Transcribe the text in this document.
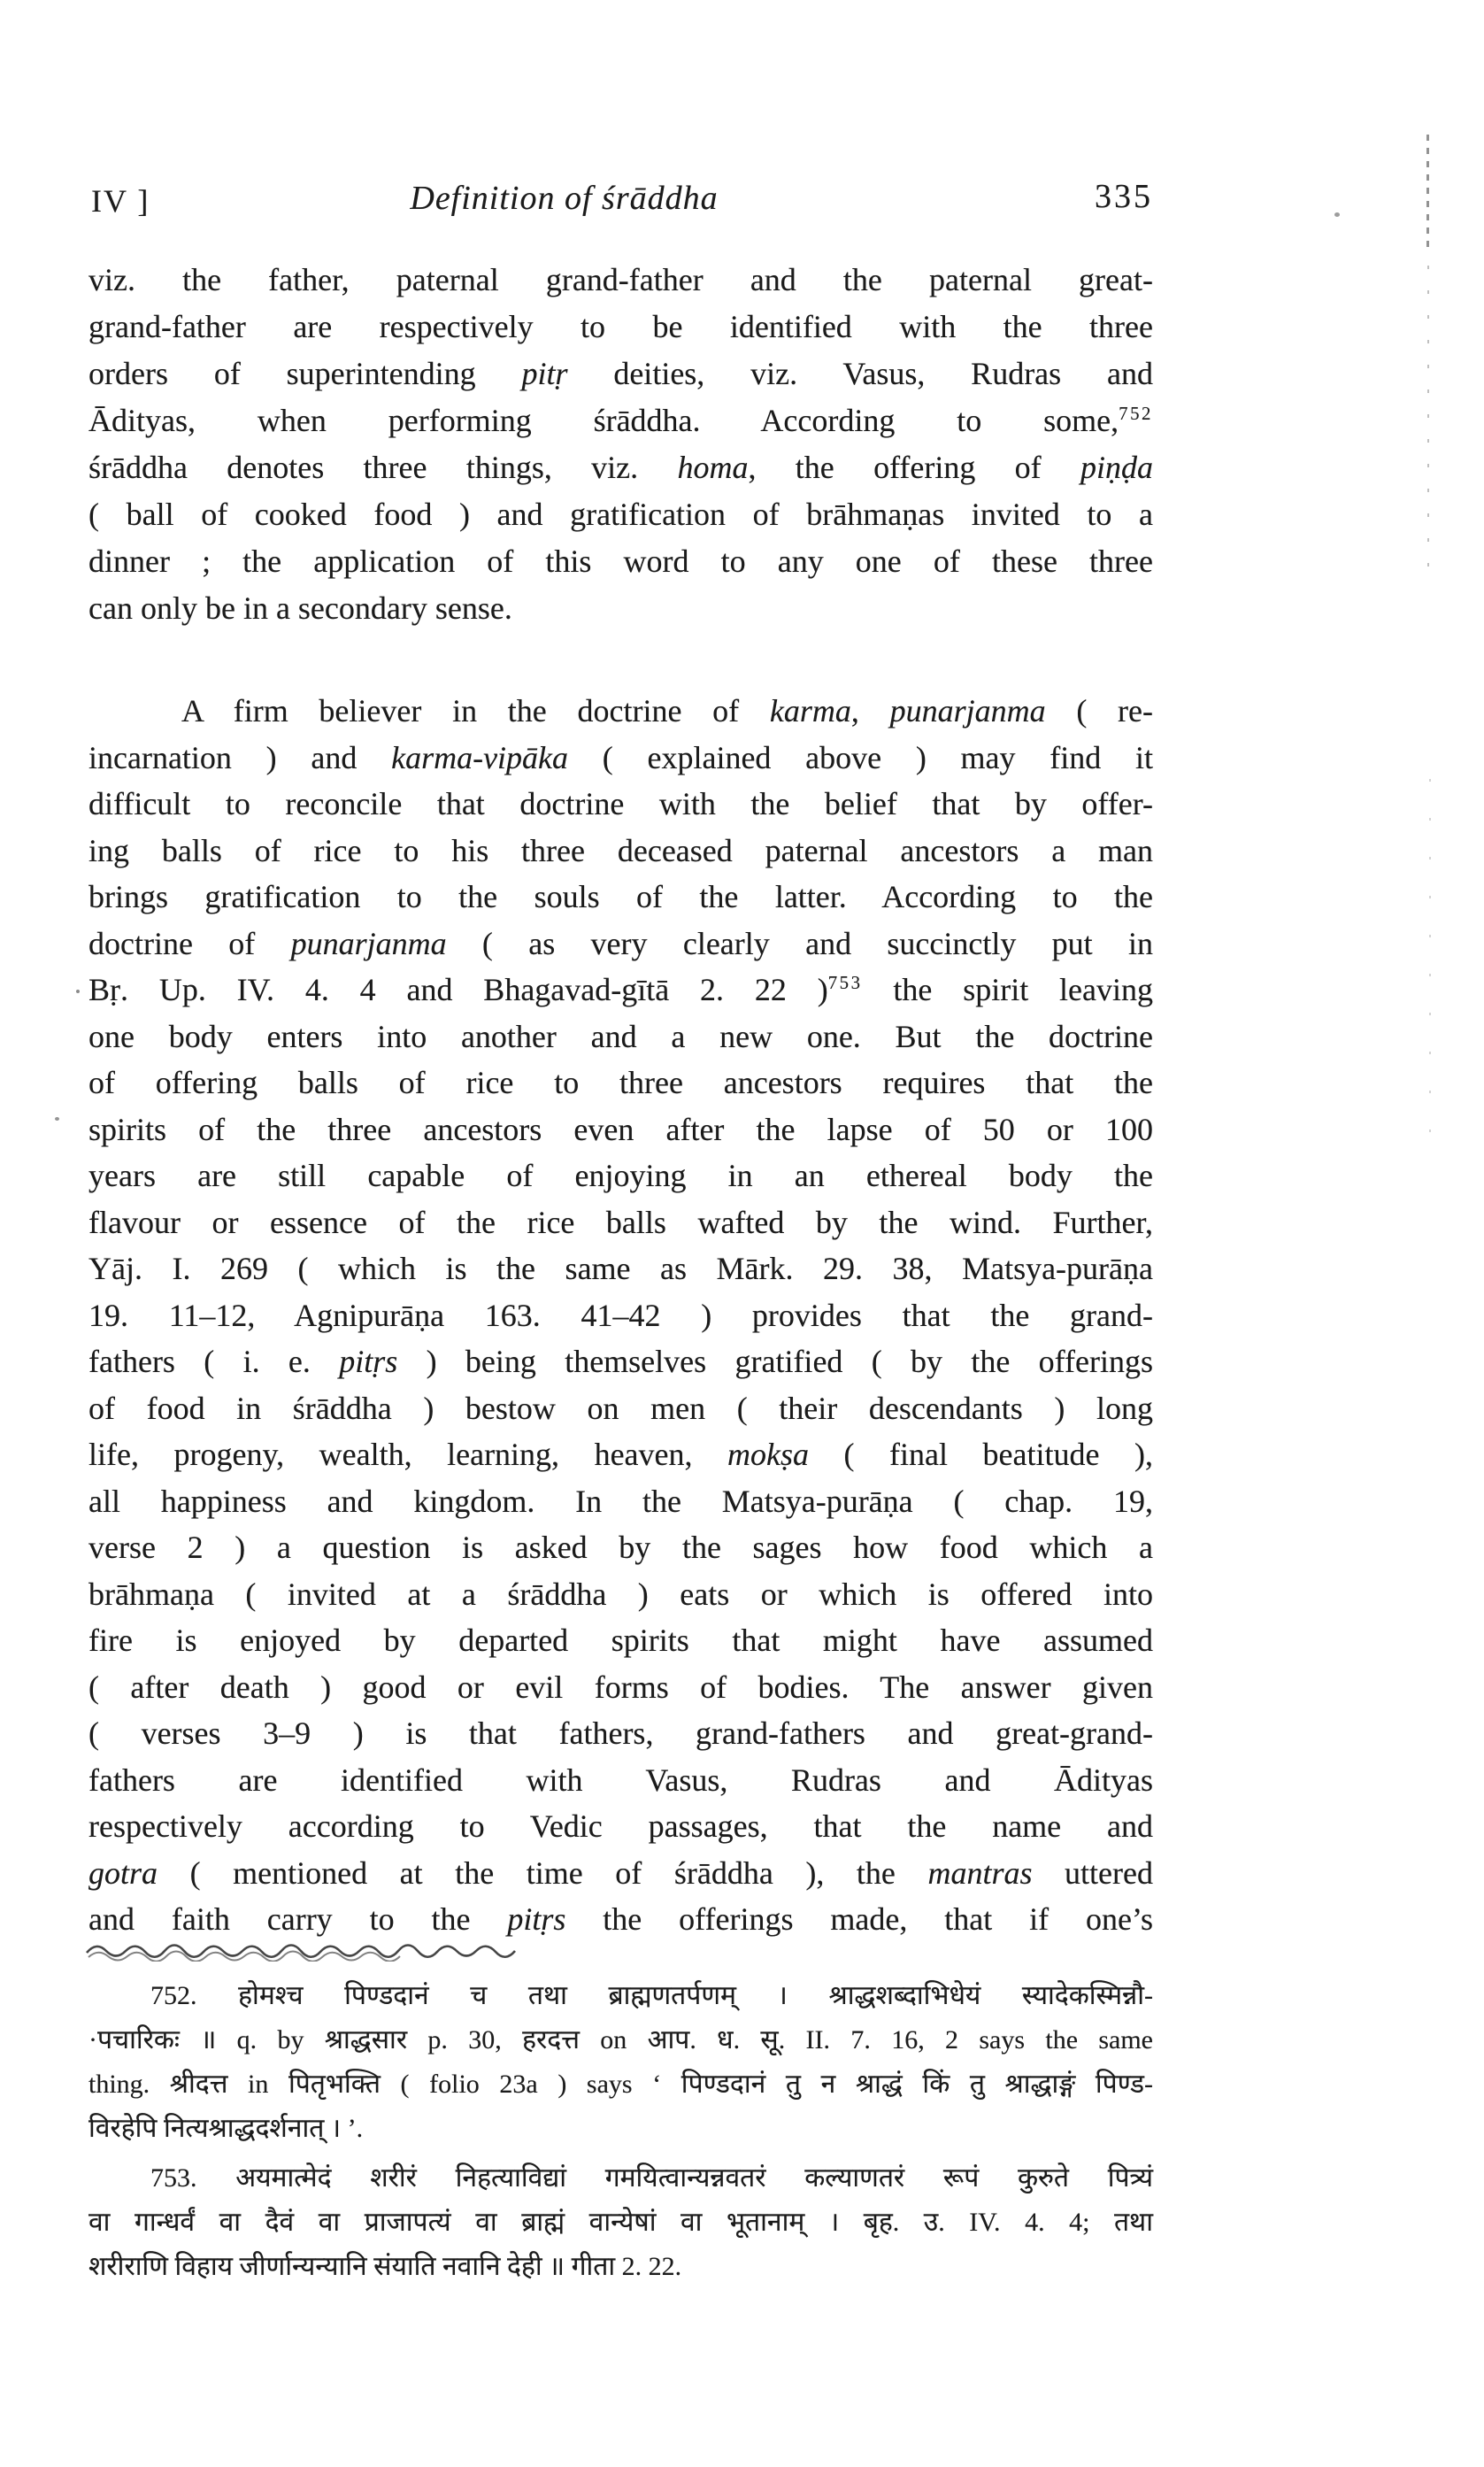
IV ]	Definition of śrāddha	335
viz. the father, paternal grand-father and the paternal great-
grand-father are respectively to be identified with the three
orders of superintending pitṛ deities, viz. Vasus, Rudras and
Ādityas, when performing śrāddha. According to some,$^{752}$
śrāddha denotes three things, viz. homa, the offering of piṇḍa
( ball of cooked food ) and gratification of brāhmaṇas invited to a
dinner ; the application of this word to any one of these three
can only be in a secondary sense.
A firm believer in the doctrine of karma, punarjanma ( re-
incarnation ) and karma-vipāka ( explained above ) may find it
difficult to reconcile that doctrine with the belief that by offer-
ing balls of rice to his three deceased paternal ancestors a man
brings gratification to the souls of the latter. According to the
doctrine of punarjanma ( as very clearly and succinctly put in
Bṛ. Up. IV. 4. 4 and Bhagavad-gītā 2. 22 )$^{753}$ the spirit leaving
one body enters into another and a new one. But the doctrine
of offering balls of rice to three ancestors requires that the
spirits of the three ancestors even after the lapse of 50 or 100
years are still capable of enjoying in an ethereal body the
flavour or essence of the rice balls wafted by the wind. Further,
Yāj. I. 269 ( which is the same as Mārk. 29. 38, Matsya-purāṇa
19. 11–12, Agnipurāṇa 163. 41–42 ) provides that the grand-
fathers ( i. e. pitṛs ) being themselves gratified ( by the offerings
of food in śrāddha ) bestow on men ( their descendants ) long
life, progeny, wealth, learning, heaven, mokṣa ( final beatitude ),
all happiness and kingdom. In the Matsya-purāṇa ( chap. 19,
verse 2 ) a question is asked by the sages how food which a
brāhmaṇa ( invited at a śrāddha ) eats or which is offered into
fire is enjoyed by departed spirits that might have assumed
( after death ) good or evil forms of bodies. The answer given
( verses 3–9 ) is that fathers, grand-fathers and great-grand-
fathers are identified with Vasus, Rudras and Ādityas
respectively according to Vedic passages, that the name and
gotra ( mentioned at the time of śrāddha ), the mantras uttered
and faith carry to the pitṛs the offerings made, that if one’s
752. होमश्च पिण्डदानं च तथा ब्राह्मणतर्पणम् । श्राद्धशब्दाभिधेयं स्यादेकस्मिन्नौ-
·पचारिकः ॥ q. by श्राद्धसार p. 30, हरदत्त on आप. ध. सू. II. 7. 16, 2 says the same
thing. श्रीदत्त in पितृभक्ति ( folio 23a ) says ‘ पिण्डदानं तु न श्राद्धं किं तु श्राद्धाङ्गं पिण्ड-
विरहेपि नित्यश्राद्धदर्शनात् । ’.
753. अयमात्मेदं शरीरं निहत्याविद्यां गमयित्वान्यन्नवतरं कल्याणतरं रूपं कुरुते पित्र्यं
वा गान्धर्वं वा दैवं वा प्राजापत्यं वा ब्राह्मं वान्येषां वा भूतानाम् । बृह. उ. IV. 4. 4; तथा
शरीराणि विहाय जीर्णान्यन्यानि संयाति नवानि देही ॥ गीता 2. 22.
